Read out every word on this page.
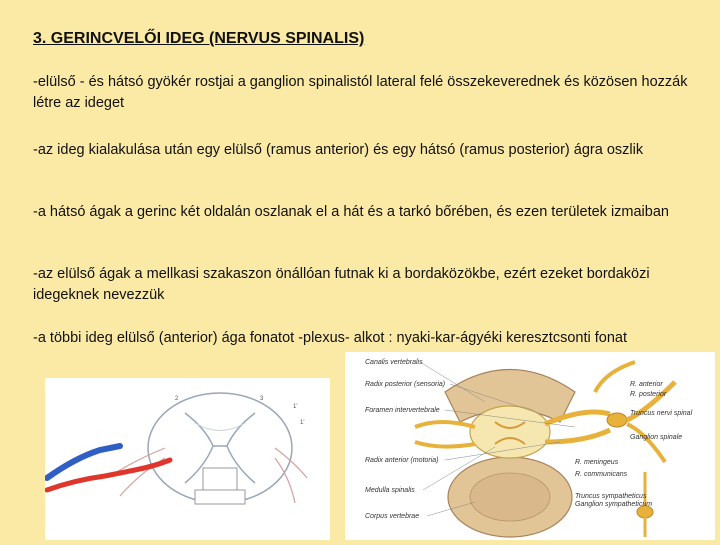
3. GERINCVELŐI IDEG (NERVUS SPINALIS)

-elülső - és hátsó gyökér rostjai a ganglion spinalistól lateral felé összekeverednek és közösen hozzák létre az ideget

-az ideg kialakulása után egy elülső (ramus anterior) és egy hátsó (ramus posterior) ágra oszlik

-a hátsó ágak a gerinc két oldalán oszlanak el a hát és a tarkó bőrében, és ezen területek izmaiban

-az elülső ágak a mellkasi szakaszon önállóan futnak ki a bordaközökbe, ezért ezeket bordaközi idegeknek nevezzük

-a többi ideg elülső (anterior) ága fonatot -plexus- alkot : nyaki-kar-ágyéki keresztcsonti fonat

2	3
1'
1'
Canalis vertebralis
Radix posterior (sensoria)
Foramen intervertebrale
Radix anterior (motoria)
Medulla spinalis
Corpus vertebrae
R. anterior
R. posterior
Truncus nervi spinal
Ganglion spinale
R. meningeus
R. communicans
Truncus sympatheticus
Ganglion sympatheticum
